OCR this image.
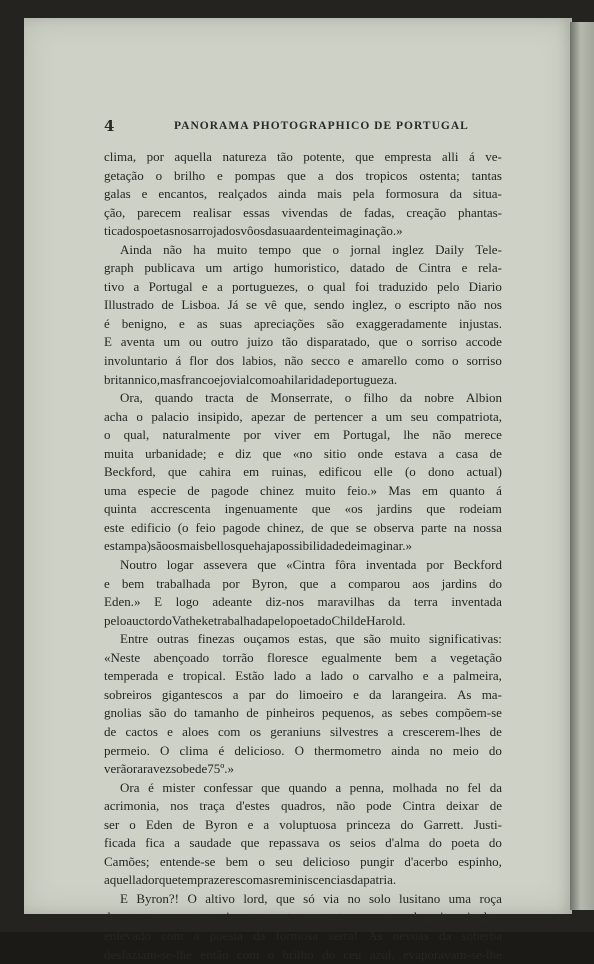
4	PANORAMA PHOTOGRAPHICO DE PORTUGAL
clima, por aquella natureza tão potente, que empresta alli á ve-
getação o brilho e pompas que a dos tropicos ostenta; tantas
galas e encantos, realçados ainda mais pela formosura da situa-
ção, parecem realisar essas vivendas de fadas, creação phantas-
tica dos poetas nos arrojados vôos da sua ardente imaginação.»
Ainda não ha muito tempo que o jornal inglez Daily Tele-
graph publicava um artigo humoristico, datado de Cintra e rela-
tivo a Portugal e a portuguezes, o qual foi traduzido pelo Diario
Illustrado de Lisboa. Já se vê que, sendo inglez, o escripto não nos
é benigno, e as suas apreciações são exaggeradamente injustas.
E aventa um ou outro juizo tão disparatado, que o sorriso accode
involuntario á flor dos labios, não secco e amarello como o sorriso
britannico, mas franco e jovial como a hilaridade portugueza.
Ora, quando tracta de Monserrate, o filho da nobre Albion
acha o palacio insipido, apezar de pertencer a um seu compatriota,
o qual, naturalmente por viver em Portugal, lhe não merece
muita urbanidade; e diz que «no sitio onde estava a casa de
Beckford, que cahira em ruinas, edificou elle (o dono actual)
uma especie de pagode chinez muito feio.» Mas em quanto á
quinta accrescenta ingenuamente que «os jardins que rodeiam
este edificio (o feio pagode chinez, de que se observa parte na nossa
estampa) são os mais bellos que haja possibilidade de imaginar.»
Noutro logar assevera que «Cintra fôra inventada por Beckford
e bem trabalhada por Byron, que a comparou aos jardins do
Eden.» E logo adeante diz-nos maravilhas da terra inventada
pelo auctor do Vathek e trabalhada pelo poeta do Childe Harold.
Entre outras finezas ouçamos estas, que são muito significativas:
«Neste abençoado torrão floresce egualmente bem a vegetação
temperada e tropical. Estão lado a lado o carvalho e a palmeira,
sobreiros gigantescos a par do limoeiro e da larangeira. As ma-
gnolias são do tamanho de pinheiros pequenos, as sebes compõem-se
de cactos e aloes com os geraniuns silvestres a crescerem-lhes de
permeio. O clima é delicioso. O thermometro ainda no meio do
verão rara vez sobe de 75º.»
Ora é mister confessar que quando a penna, molhada no fel da
acrimonia, nos traça d'estes quadros, não pode Cintra deixar de
ser o Eden de Byron e a voluptuosa princeza do Garrett. Justi-
ficada fica a saudade que repassava os seios d'alma do poeta do
Camões; entende-se bem o seu delicioso pungir d'acerbo espinho,
aquella dor que tem prazeres com as reminiscencias da patria.
E Byron?! O altivo lord, que só via no solo lusitano uma roça
de escravos, esquecia momentaneamente o seu despeito inglez,
enlevado com a poesia da formosa serra! As nevoas da soberba
desfaziam-se-lhe então com o brilho do ceu azul, evaporavam-se-lhe
